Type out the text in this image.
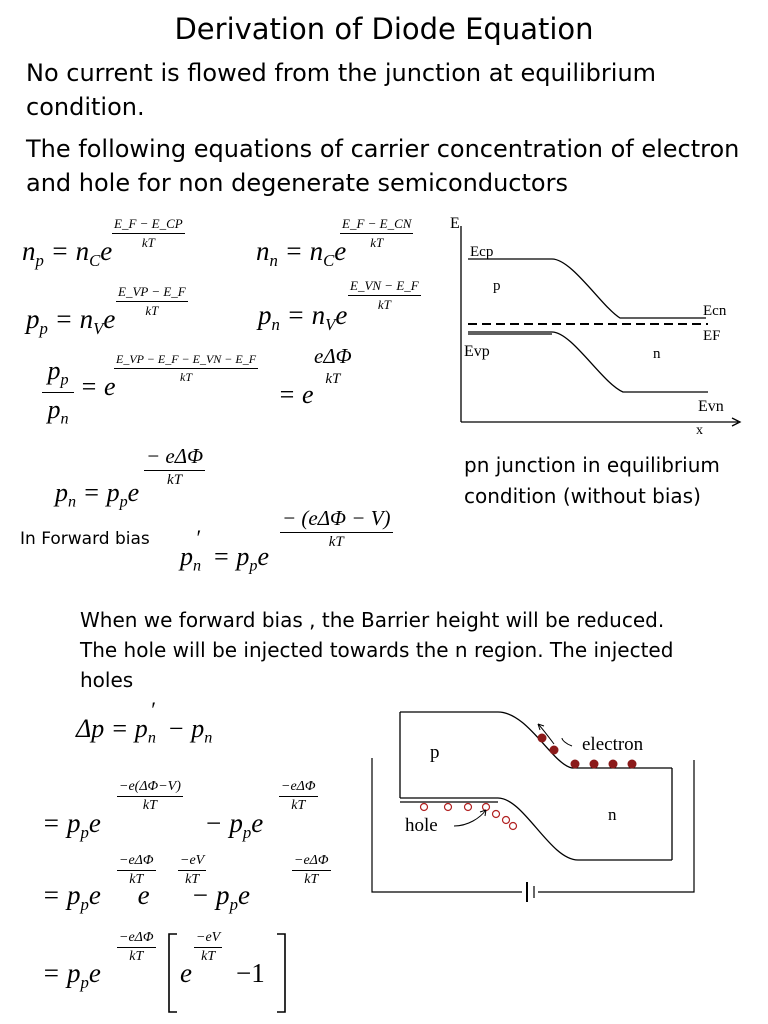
Derivation of Diode Equation
No current is flowed from the junction at equilibrium
condition.
The following equations of carrier concentration of electron
and hole for non degenerate semiconductors
$n_p = n_Ce \frac{E\_F - E\_CP}{kT}$	$n_n = n_Ce$
$\frac{E\_F - E\_CN}{kT}$
$p_p = n_Ve \frac{E\_VP - E\_F}{kT}$	$p_n = n_Ve$
$\frac{E\_VN - E\_F}{kT}$
$p_p$
$p_n$
= e
$\frac{E\_VP - E\_F - E\_VN - E\_F}{kT}$
= e
eΔΦ
kT
$p_n = p_pe$
− eΔΦ
kT
In Forward bias
$p_n' = p_pe$
− (eΔΦ − V)
kT
pn junction in equilibrium
condition (without bias)
When we forward bias , the Barrier height will be reduced.
The hole will be injected towards the n region. The injected
holes
$\Delta p = p_n' - p_n$
= $p_pe$	− $p_pe$
$\frac{-e(\Delta\Phi-V)}{kT}$	−eΔΦ
kT
= $p_pe$ $e - p_pe$
−eΔΦ
kT	$\frac{-eV}{kT}$	−eΔΦ
kT
= $p_pe$
−eΔΦ
kT
e
$\frac{-eV}{kT}$
−1
E
Ecp
p
Ecn
EF
Evp	n
Evn
x
p
n
electron
hole
